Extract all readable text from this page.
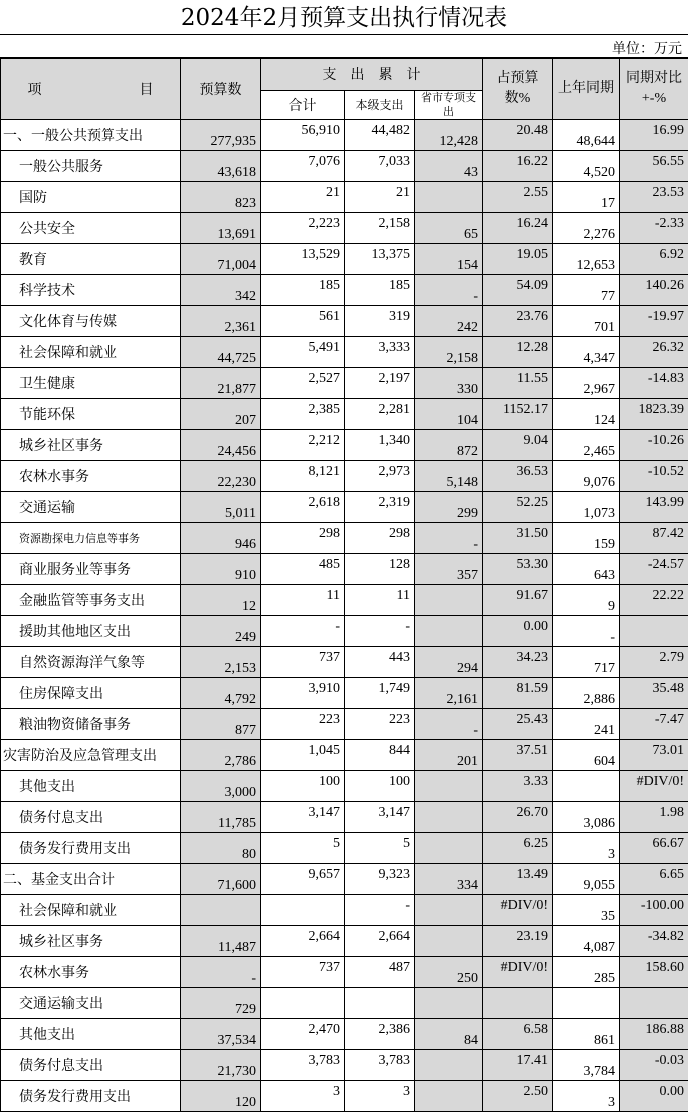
2024年2月预算支出执行情况表
单位：万元
项　　　　　　　目	预算数	支　出　累　计			占预算数%	上年同期	同期对比+-%
		合计	本级支出	省市专项支出			
一、一般公共预算支出	277,935	56,910	44,482	12,428	20.48	48,644	16.99
一般公共服务	43,618	7,076	7,033	43	16.22	4,520	56.55
国防	823	21	21		2.55	17	23.53
公共安全	13,691	2,223	2,158	65	16.24	2,276	-2.33
教育	71,004	13,529	13,375	154	19.05	12,653	6.92
科学技术	342	185	185	-	54.09	77	140.26
文化体育与传媒	2,361	561	319	242	23.76	701	-19.97
社会保障和就业	44,725	5,491	3,333	2,158	12.28	4,347	26.32
卫生健康	21,877	2,527	2,197	330	11.55	2,967	-14.83
节能环保	207	2,385	2,281	104	1152.17	124	1823.39
城乡社区事务	24,456	2,212	1,340	872	9.04	2,465	-10.26
农林水事务	22,230	8,121	2,973	5,148	36.53	9,076	-10.52
交通运输	5,011	2,618	2,319	299	52.25	1,073	143.99
资源勘探电力信息等事务	946	298	298	-	31.50	159	87.42
商业服务业等事务	910	485	128	357	53.30	643	-24.57
金融监管等事务支出	12	11	11		91.67	9	22.22
援助其他地区支出	249	-	-		0.00	-	
自然资源海洋气象等	2,153	737	443	294	34.23	717	2.79
住房保障支出	4,792	3,910	1,749	2,161	81.59	2,886	35.48
粮油物资储备事务	877	223	223	-	25.43	241	-7.47
灾害防治及应急管理支出	2,786	1,045	844	201	37.51	604	73.01
其他支出	3,000	100	100		3.33		#DIV/0!
债务付息支出	11,785	3,147	3,147		26.70	3,086	1.98
债务发行费用支出	80	5	5		6.25	3	66.67
二、基金支出合计	71,600	9,657	9,323	334	13.49	9,055	6.65
社会保障和就业			-		#DIV/0!	35	-100.00
城乡社区事务	11,487	2,664	2,664		23.19	4,087	-34.82
农林水事务	-	737	487	250	#DIV/0!	285	158.60
交通运输支出	729						
其他支出	37,534	2,470	2,386	84	6.58	861	186.88
债务付息支出	21,730	3,783	3,783		17.41	3,784	-0.03
债务发行费用支出	120	3	3		2.50	3	0.00
